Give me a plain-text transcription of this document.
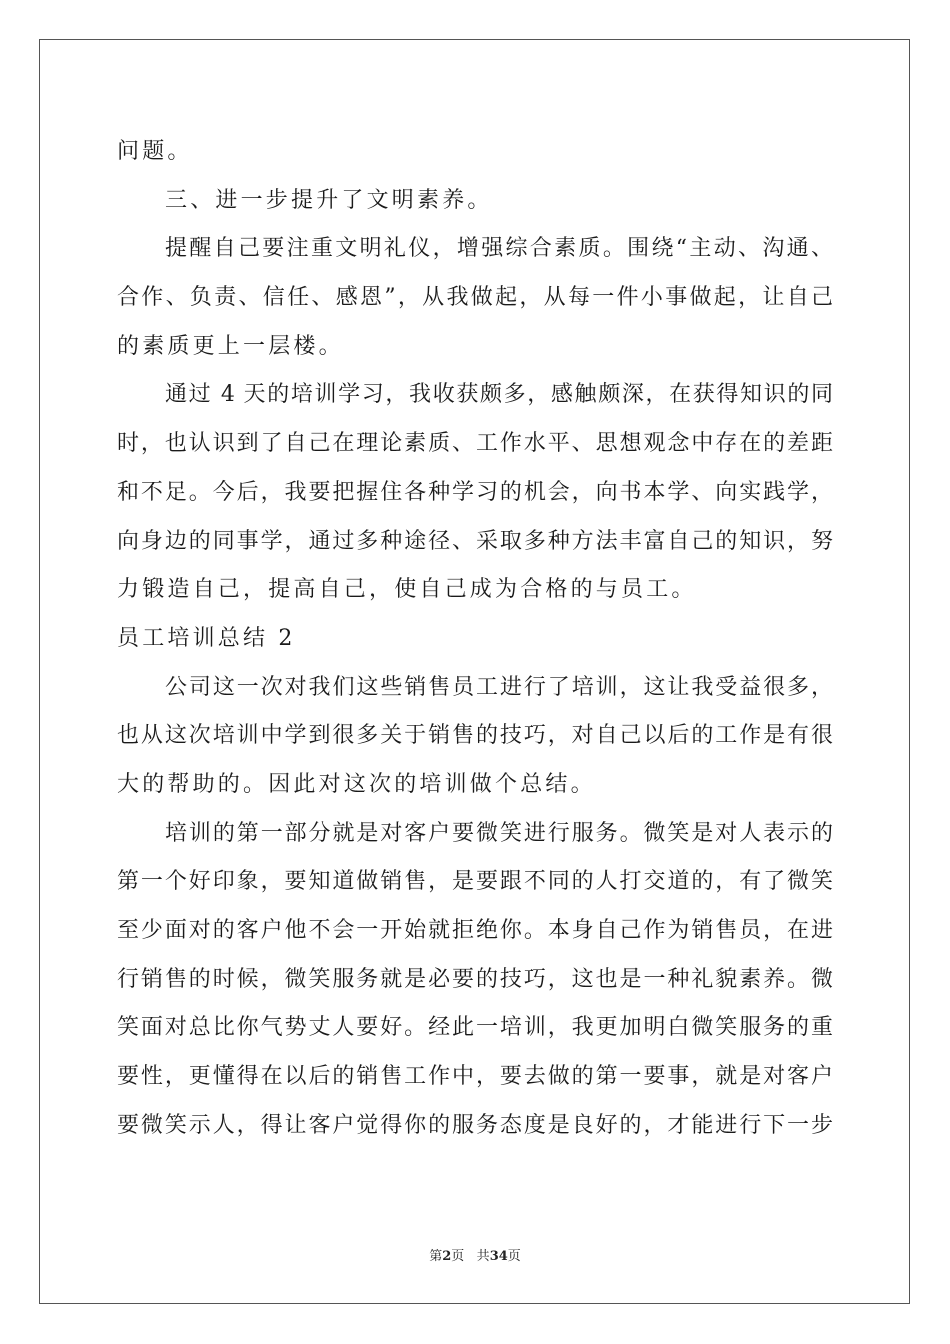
问题。
三、进一步提升了文明素养。
提醒自己要注重文明礼仪，增强综合素质。围绕“主动、沟通、
合作、负责、信任、感恩”，从我做起，从每一件小事做起，让自己
的素质更上一层楼。
通过 4 天的培训学习，我收获颇多，感触颇深，在获得知识的同
时，也认识到了自己在理论素质、工作水平、思想观念中存在的差距
和不足。今后，我要把握住各种学习的机会，向书本学、向实践学，
向身边的同事学，通过多种途径、采取多种方法丰富自己的知识，努
力锻造自己，提高自己，使自己成为合格的与员工。
员工培训总结 2
公司这一次对我们这些销售员工进行了培训，这让我受益很多，
也从这次培训中学到很多关于销售的技巧，对自己以后的工作是有很
大的帮助的。因此对这次的培训做个总结。
培训的第一部分就是对客户要微笑进行服务。微笑是对人表示的
第一个好印象，要知道做销售，是要跟不同的人打交道的，有了微笑
至少面对的客户他不会一开始就拒绝你。本身自己作为销售员，在进
行销售的时候，微笑服务就是必要的技巧，这也是一种礼貌素养。微
笑面对总比你气势丈人要好。经此一培训，我更加明白微笑服务的重
要性，更懂得在以后的销售工作中，要去做的第一要事，就是对客户
要微笑示人，得让客户觉得你的服务态度是良好的，才能进行下一步
第2页 共34页
